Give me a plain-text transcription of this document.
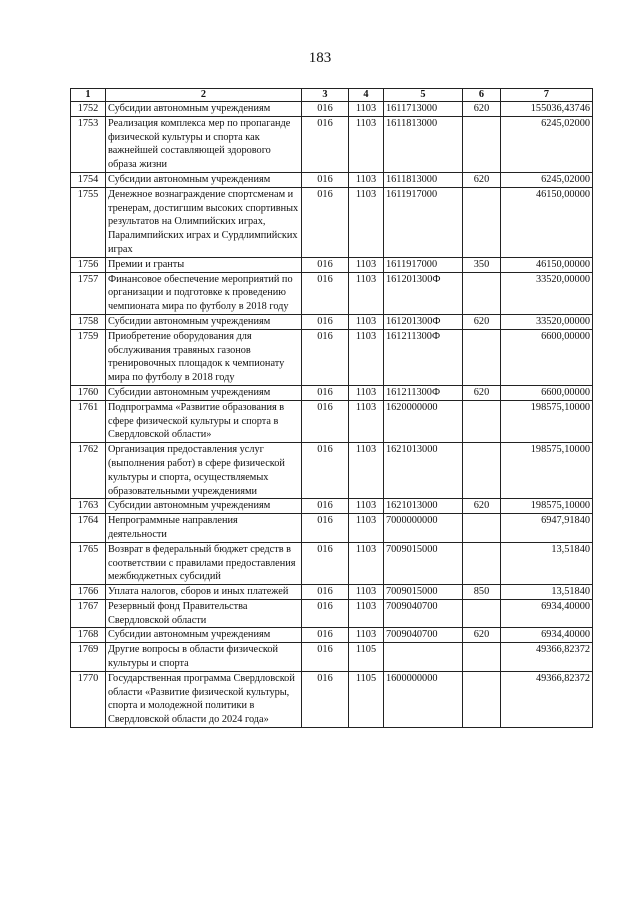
183
1	2	3	4	5	6	7
1752	Субсидии автономным учреждениям	016	1103	1611713000	620	155036,43746
1753	Реализация комплекса мер по пропаганде физической культуры и спорта как важнейшей составляющей здорового образа жизни	016	1103	1611813000		6245,02000
1754	Субсидии автономным учреждениям	016	1103	1611813000	620	6245,02000
1755	Денежное вознаграждение спортсменам и тренерам, достигшим высоких спортивных результатов на Олимпийских играх, Паралимпийских играх и Сурдлимпийских играх	016	1103	1611917000		46150,00000
1756	Премии и гранты	016	1103	1611917000	350	46150,00000
1757	Финансовое обеспечение мероприятий по организации и подготовке к проведению чемпионата мира по футболу в 2018 году	016	1103	161201300Ф		33520,00000
1758	Субсидии автономным учреждениям	016	1103	161201300Ф	620	33520,00000
1759	Приобретение оборудования для обслуживания травяных газонов тренировочных площадок к чемпионату мира по футболу в 2018 году	016	1103	161211300Ф		6600,00000
1760	Субсидии автономным учреждениям	016	1103	161211300Ф	620	6600,00000
1761	Подпрограмма «Развитие образования в сфере физической культуры и спорта в Свердловской области»	016	1103	1620000000		198575,10000
1762	Организация предоставления услуг (выполнения работ) в сфере физической культуры и спорта, осуществляемых образовательными учреждениями	016	1103	1621013000		198575,10000
1763	Субсидии автономным учреждениям	016	1103	1621013000	620	198575,10000
1764	Непрограммные направления деятельности	016	1103	7000000000		6947,91840
1765	Возврат в федеральный бюджет средств в соответствии с правилами предоставления межбюджетных субсидий	016	1103	7009015000		13,51840
1766	Уплата налогов, сборов и иных платежей	016	1103	7009015000	850	13,51840
1767	Резервный фонд Правительства Свердловской области	016	1103	7009040700		6934,40000
1768	Субсидии автономным учреждениям	016	1103	7009040700	620	6934,40000
1769	Другие вопросы в области физической культуры и спорта	016	1105			49366,82372
1770	Государственная программа Свердловской области «Развитие физической культуры, спорта и молодежной политики в Свердловской области до 2024 года»	016	1105	1600000000		49366,82372
